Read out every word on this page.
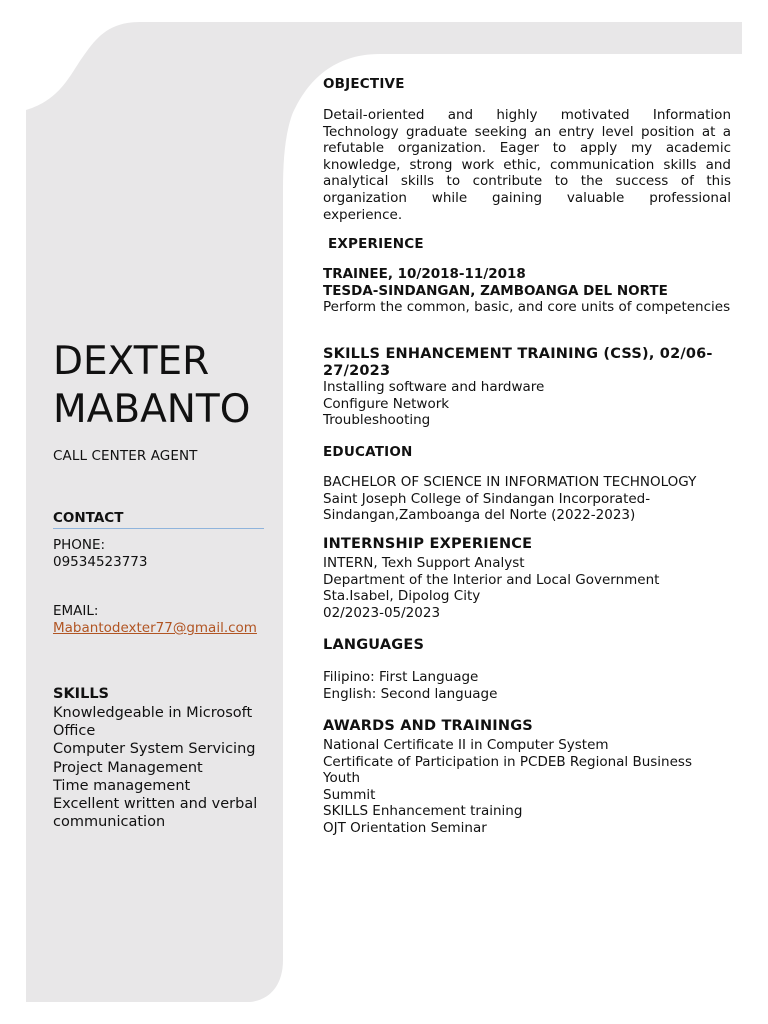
DEXTER
MABANTO
CALL CENTER AGENT
CONTACT
PHONE:
09534523773
EMAIL:
Mabantodexter77@gmail.com
SKILLS
Knowledgeable in Microsoft Office
Computer System Servicing
Project Management
Time management
Excellent written and verbal communication
OBJECTIVE
Detail-oriented and highly motivated Information Technology graduate seeking an entry level position at a refutable organization. Eager to apply my academic knowledge, strong work ethic, communication skills and analytical skills to contribute to the success of this organization while gaining valuable professional experience.
EXPERIENCE
TRAINEE, 10/2018-11/2018
TESDA-SINDANGAN, ZAMBOANGA DEL NORTE
Perform the common, basic, and core units of competencies
SKILLS ENHANCEMENT TRAINING (CSS), 02/06-27/2023
Installing software and hardware
Configure Network
Troubleshooting
EDUCATION
BACHELOR OF SCIENCE IN INFORMATION TECHNOLOGY
Saint Joseph College of Sindangan Incorporated-Sindangan,Zamboanga del Norte (2022-2023)
INTERNSHIP EXPERIENCE
INTERN, Texh Support Analyst
Department of the Interior and Local Government
Sta.Isabel, Dipolog City
02/2023-05/2023
LANGUAGES
Filipino: First Language
English: Second language
AWARDS AND TRAININGS
National Certificate II in Computer System
Certificate of Participation in PCDEB Regional Business Youth
Summit
SKILLS Enhancement training
OJT Orientation Seminar
